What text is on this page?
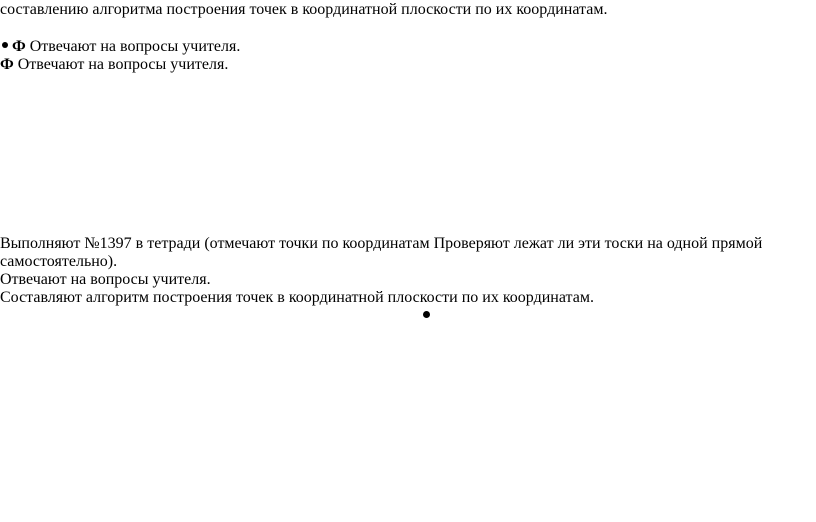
составлению алгоритма построения точек в координатной плоскости по их координатам.

Ф Отвечают на вопросы учителя.

Ф Отвечают на вопросы учителя.

Выполняют №1397 в тетради (отмечают точки по координатам Проверяют лежат ли эти тоски на одной прямой

самостоятельно).

Отвечают на вопросы учителя.

Составляют алгоритм построения точек в координатной плоскости по их координатам.
